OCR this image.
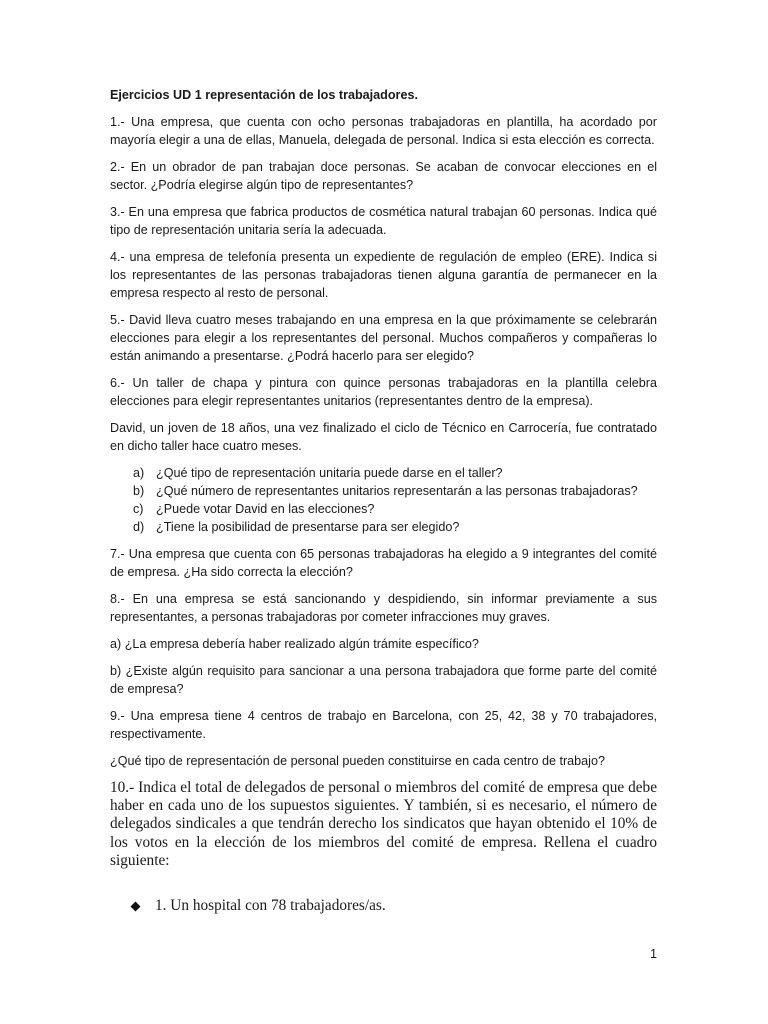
Ejercicios UD 1 representación de los trabajadores.

1.- Una empresa, que cuenta con ocho personas trabajadoras en plantilla, ha acordado por mayoría elegir a una de ellas, Manuela, delegada de personal. Indica si esta elección es correcta.

2.- En un obrador de pan trabajan doce personas. Se acaban de convocar elecciones en el sector. ¿Podría elegirse algún tipo de representantes?

3.- En una empresa que fabrica productos de cosmética natural trabajan 60 personas. Indica qué tipo de representación unitaria sería la adecuada.

4.- una empresa de telefonía presenta un expediente de regulación de empleo (ERE). Indica si los representantes de las personas trabajadoras tienen alguna garantía de permanecer en la empresa respecto al resto de personal.

5.- David lleva cuatro meses trabajando en una empresa en la que próximamente se celebrarán elecciones para elegir a los representantes del personal. Muchos compañeros y compañeras lo están animando a presentarse. ¿Podrá hacerlo para ser elegido?

6.- Un taller de chapa y pintura con quince personas trabajadoras en la plantilla celebra elecciones para elegir representantes unitarios (representantes dentro de la empresa).

David, un joven de 18 años, una vez finalizado el ciclo de Técnico en Carrocería, fue contratado en dicho taller hace cuatro meses.

a) ¿Qué tipo de representación unitaria puede darse en el taller?
b) ¿Qué número de representantes unitarios representarán a las personas trabajadoras?
c) ¿Puede votar David en las elecciones?
d) ¿Tiene la posibilidad de presentarse para ser elegido?

7.- Una empresa que cuenta con 65 personas trabajadoras ha elegido a 9 integrantes del comité de empresa. ¿Ha sido correcta la elección?

8.- En una empresa se está sancionando y despidiendo, sin informar previamente a sus representantes, a personas trabajadoras por cometer infracciones muy graves.

a) ¿La empresa debería haber realizado algún trámite específico?

b) ¿Existe algún requisito para sancionar a una persona trabajadora que forme parte del comité de empresa?

9.- Una empresa tiene 4 centros de trabajo en Barcelona, con 25, 42, 38 y 70 trabajadores, respectivamente.

¿Qué tipo de representación de personal pueden constituirse en cada centro de trabajo?

10.- Indica el total de delegados de personal o miembros del comité de empresa que debe haber en cada uno de los supuestos siguientes. Y también, si es necesario, el número de delegados sindicales a que tendrán derecho los sindicatos que hayan obtenido el 10% de los votos en la elección de los miembros del comité de empresa. Rellena el cuadro siguiente:

1. Un hospital con 78 trabajadores/as.
1
